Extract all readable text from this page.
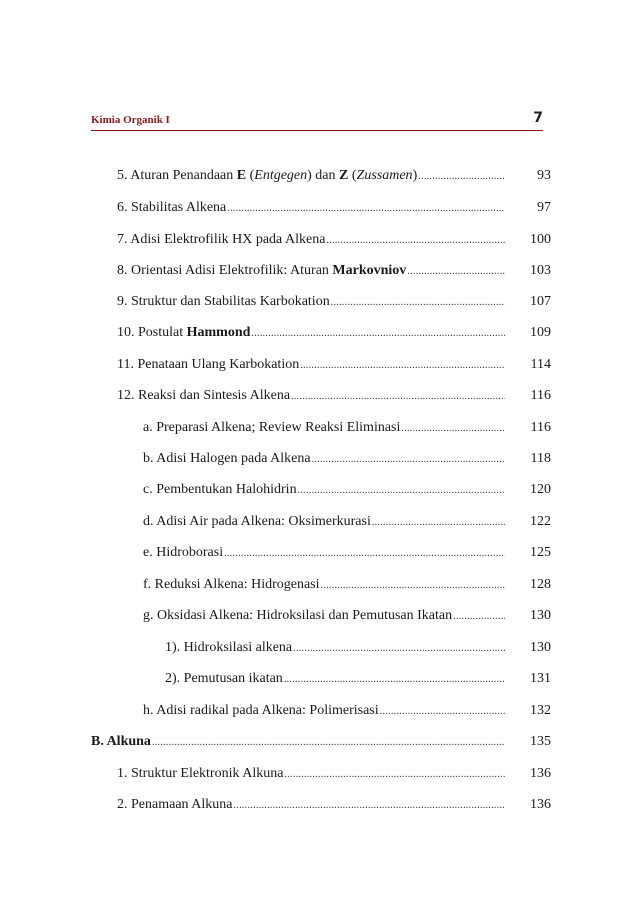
Kimia Organik I	7
5. Aturan Penandaan E (Entgegen) dan Z (Zussamen) .....	93
6. Stabilitas Alkena .....	97
7. Adisi Elektrofilik HX pada Alkena .....	100
8. Orientasi Adisi Elektrofilik: Aturan Markovniov .....	103
9. Struktur dan Stabilitas Karbokation .....	107
10. Postulat Hammond .....	109
11. Penataan Ulang Karbokation .....	114
12. Reaksi dan Sintesis Alkena .....	116
a. Preparasi Alkena; Review Reaksi Eliminasi .....	116
b. Adisi Halogen pada Alkena .....	118
c. Pembentukan Halohidrin .....	120
d. Adisi Air pada Alkena: Oksimerkurasi .....	122
e. Hidroborasi .....	125
f. Reduksi Alkena: Hidrogenasi .....	128
g. Oksidasi Alkena: Hidroksilasi dan Pemutusan Ikatan .....	130
1). Hidroksilasi alkena .....	130
2). Pemutusan ikatan .....	131
h. Adisi radikal pada Alkena: Polimerisasi .....	132
B. Alkuna .....	135
1. Struktur Elektronik Alkuna .....	136
2. Penamaan Alkuna .....	136
